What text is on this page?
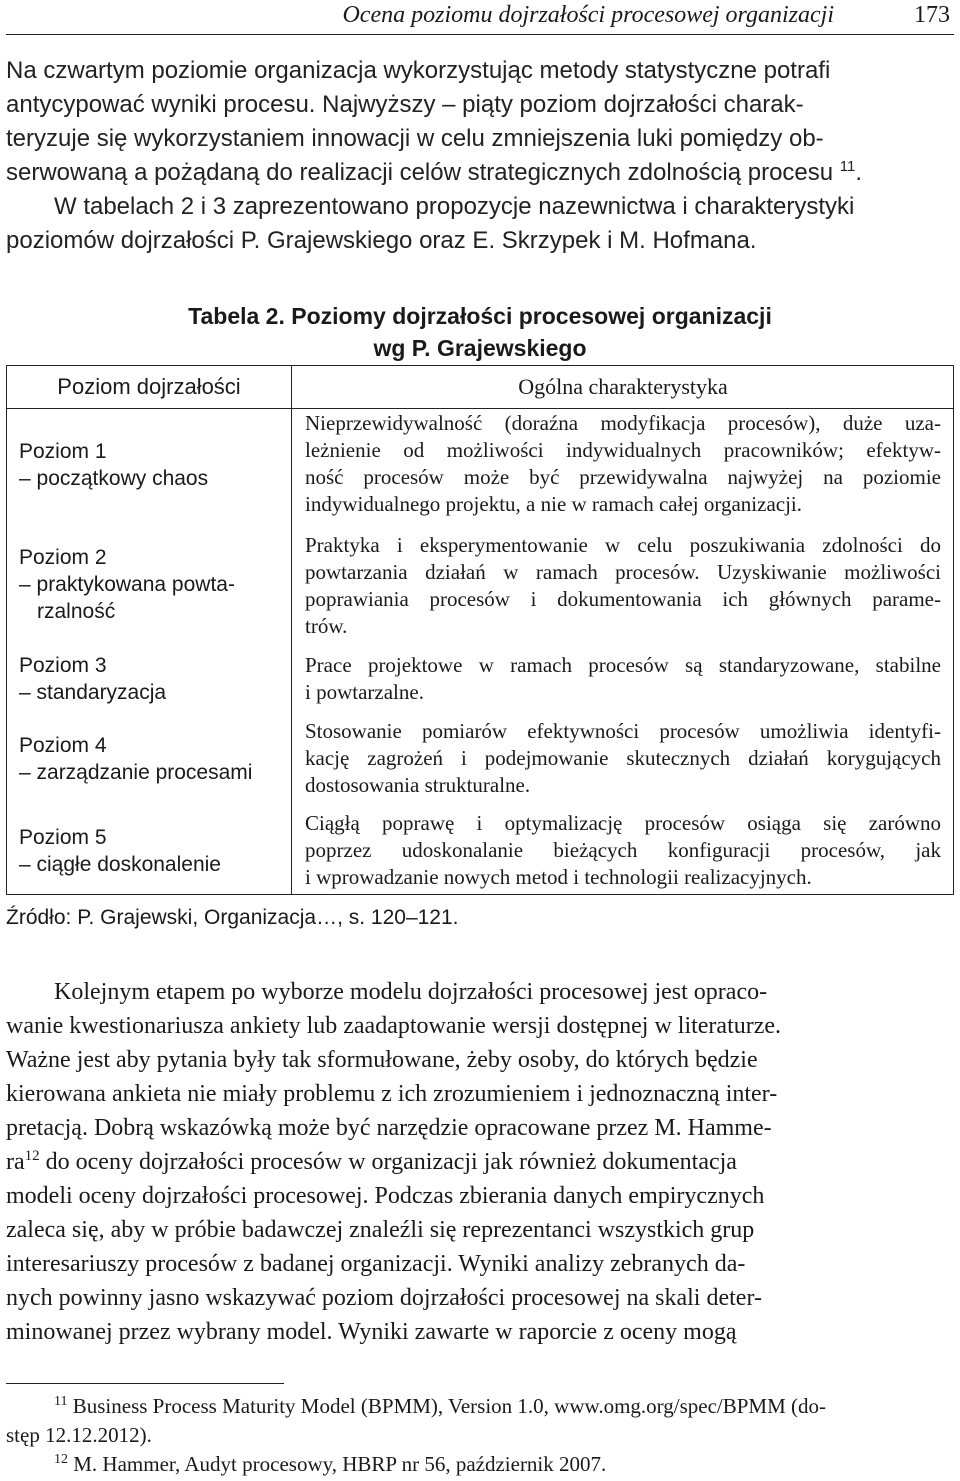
Ocena poziomu dojrzałości procesowej organizacji	173
Na czwartym poziomie organizacja wykorzystując metody statystyczne potrafi
antycypować wyniki procesu. Najwyższy – piąty poziom dojrzałości charak-
teryzuje się wykorzystaniem innowacji w celu zmniejszenia luki pomiędzy ob-
serwowaną a pożądaną do realizacji celów strategicznych zdolnością procesu $^{11}$.
W tabelach 2 i 3 zaprezentowano propozycje nazewnictwa i charakterystyki
poziomów dojrzałości P. Grajewskiego oraz E. Skrzypek i M. Hofmana.
Tabela 2. Poziomy dojrzałości procesowej organizacji
wg P. Grajewskiego
Poziom dojrzałości	Ogólna charakterystyka
Poziom 1
– początkowy chaos
Nieprzewidywalność (doraźna modyfikacja procesów), duże uza-
leżnienie od możliwości indywidualnych pracowników; efektyw-
ność procesów może być przewidywalna najwyżej na poziomie
indywidualnego projektu, a nie w ramach całej organizacji.
Poziom 2
– praktykowana powta-rzalność
Praktyka i eksperymentowanie w celu poszukiwania zdolności do
powtarzania działań w ramach procesów. Uzyskiwanie możliwości
poprawiania procesów i dokumentowania ich głównych parame-
trów.
Poziom 3
– standaryzacja
Prace projektowe w ramach procesów są standaryzowane, stabilne
i powtarzalne.
Poziom 4
– zarządzanie procesami
Stosowanie pomiarów efektywności procesów umożliwia identyfi-
kację zagrożeń i podejmowanie skutecznych działań korygujących
dostosowania strukturalne.
Poziom 5
– ciągłe doskonalenie
Ciągłą poprawę i optymalizację procesów osiąga się zarówno
poprzez udoskonalanie bieżących konfiguracji procesów, jak
i wprowadzanie nowych metod i technologii realizacyjnych.
Źródło: P. Grajewski, Organizacja…, s. 120–121.
Kolejnym etapem po wyborze modelu dojrzałości procesowej jest opraco-
wanie kwestionariusza ankiety lub zaadaptowanie wersji dostępnej w literaturze.
Ważne jest aby pytania były tak sformułowane, żeby osoby, do których będzie
kierowana ankieta nie miały problemu z ich zrozumieniem i jednoznaczną inter-
pretacją. Dobrą wskazówką może być narzędzie opracowane przez M. Hamme-
$ra^{12}$ do oceny dojrzałości procesów w organizacji jak również dokumentacja
modeli oceny dojrzałości procesowej. Podczas zbierania danych empirycznych
zaleca się, aby w próbie badawczej znaleźli się reprezentanci wszystkich grup
interesariuszy procesów z badanej organizacji. Wyniki analizy zebranych da-
nych powinny jasno wskazywać poziom dojrzałości procesowej na skali deter-
minowanej przez wybrany model. Wyniki zawarte w raporcie z oceny mogą
$^{11}$ Business Process Maturity Model (BPMM), Version 1.0, www.omg.org/spec/BPMM (do-
stęp 12.12.2012).
$^{12}$ M. Hammer, Audyt procesowy, HBRP nr 56, październik 2007.
